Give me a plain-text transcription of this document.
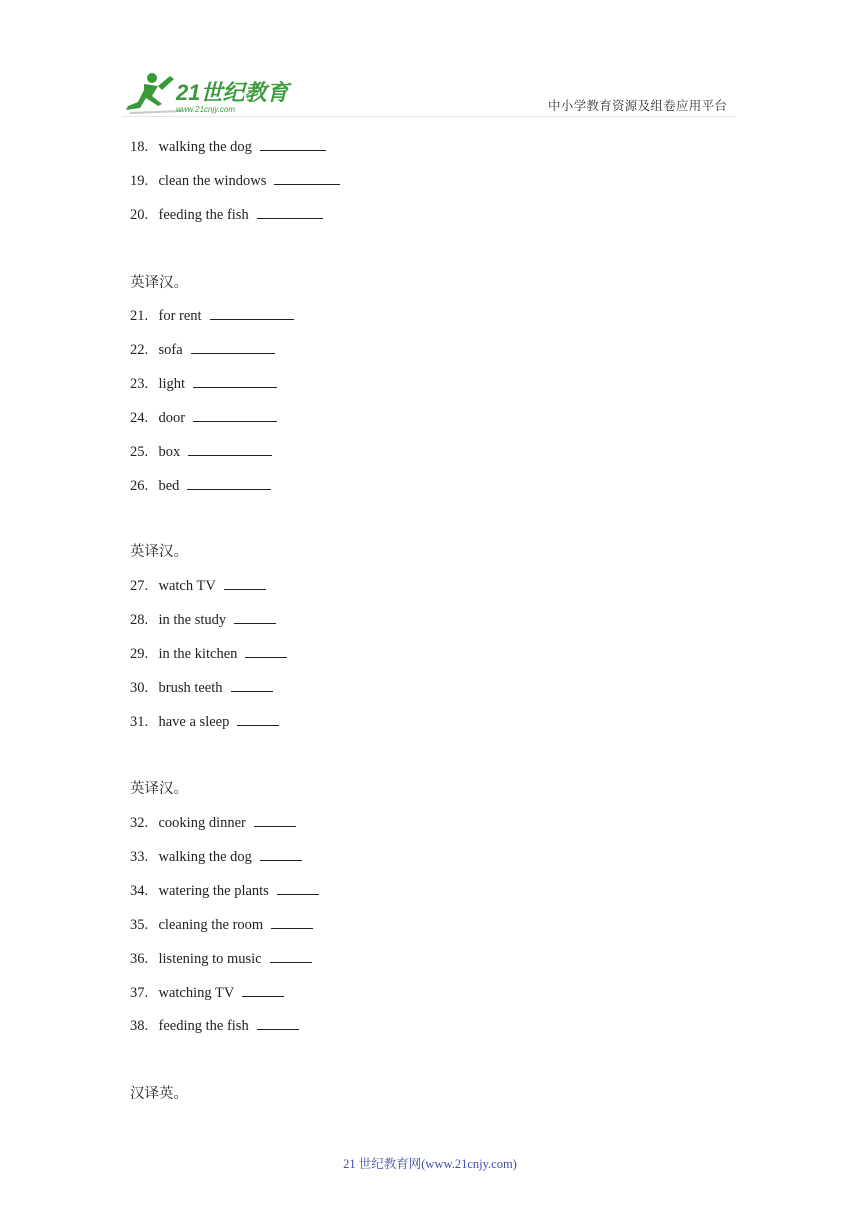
21世纪教育
www.21cnjy.com	中小学教育资源及组卷应用平台
18. walking the dog
19. clean the windows
20. feeding the fish
英译汉。
21. for rent
22. sofa
23. light
24. door
25. box
26. bed
英译汉。
27. watch TV
28. in the study
29. in the kitchen
30. brush teeth
31. have a sleep
英译汉。
32. cooking dinner
33. walking the dog
34. watering the plants
35. cleaning the room
36. listening to music
37. watching TV
38. feeding the fish
汉译英。
21 世纪教育网(www.21cnjy.com)
